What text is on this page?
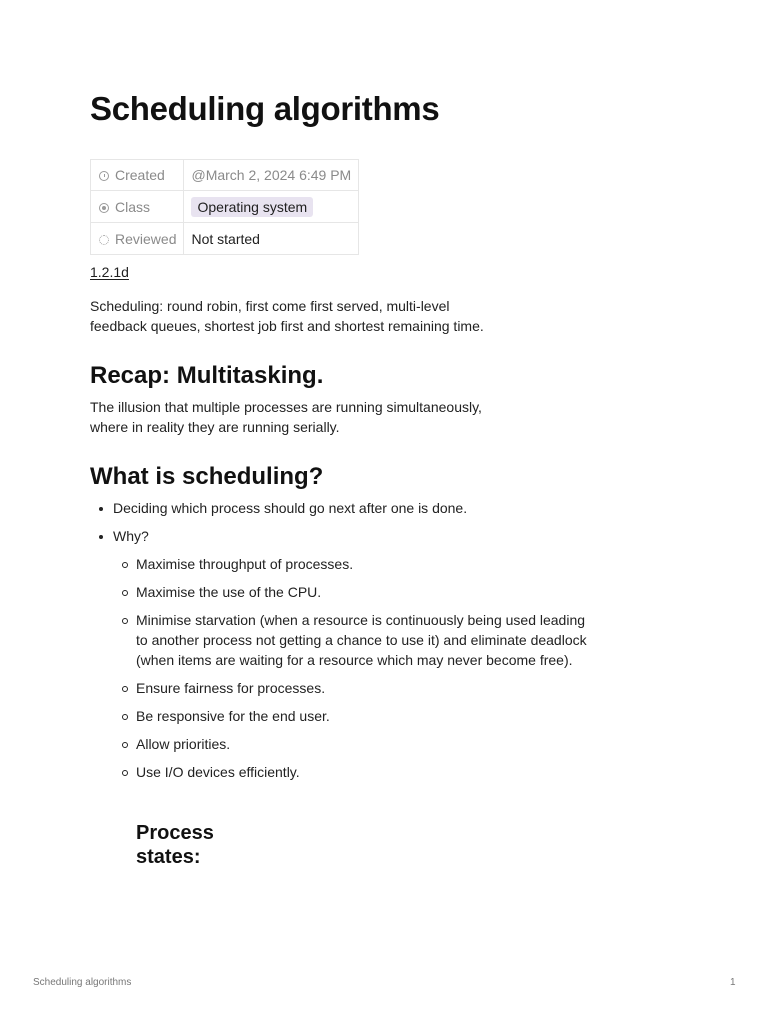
Scheduling algorithms
Created	@March 2, 2024 6:49 PM
Class	Operating system
Reviewed	Not started
1.2.1d

Scheduling: round robin, first come first served, multi-level
feedback queues, shortest job first and shortest remaining time.

Recap: Multitasking.

The illusion that multiple processes are running simultaneously,
where in reality they are running serially.

What is scheduling?
Deciding which process should go next after one is done.
Why?
Maximise throughput of processes.
Maximise the use of the CPU.
Minimise starvation (when a resource is continuously being used leading to another process not getting a chance to use it) and eliminate deadlock (when items are waiting for a resource which may never become free).
Ensure fairness for processes.
Be responsive for the end user.
Allow priorities.
Use I/O devices efficiently.
Process states:
Scheduling algorithms	1
